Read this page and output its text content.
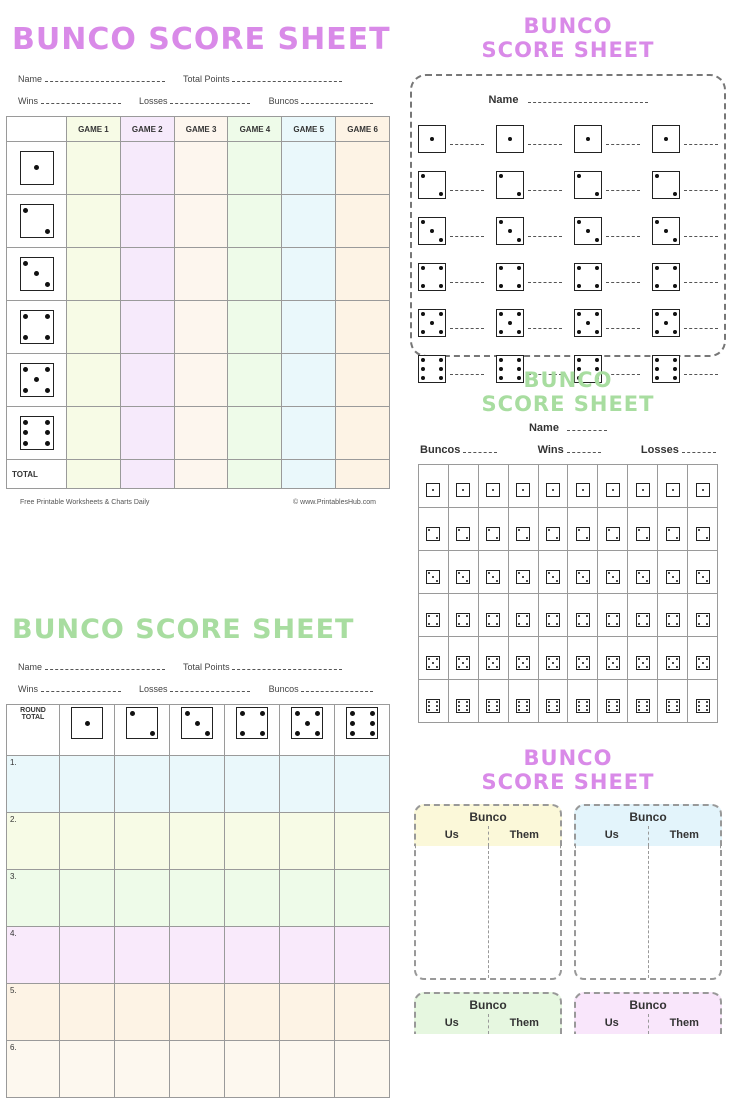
BUNCO SCORE SHEET
Name	Total Points
Wins	Losses	Buncos
	GAME 1	GAME 2	GAME 3	GAME 4	GAME 5	GAME 6

TOTAL						
Free Printable Worksheets & Charts Daily	© www.PrintablesHub.com
BUNCO
SCORE SHEET
Name
BUNCO
SCORE SHEET
Name
Buncos	Wins	Losses

BUNCO SCORE SHEET
Name	Total Points
Wins	Losses	Buncos
ROUND TOTAL	

1.						
2.						
3.						
4.						
5.						
6.						
BUNCO
SCORE SHEET
Bunco
Us	Them
Bunco
Us	Them
Bunco
Us	Them
Bunco
Us	Them
